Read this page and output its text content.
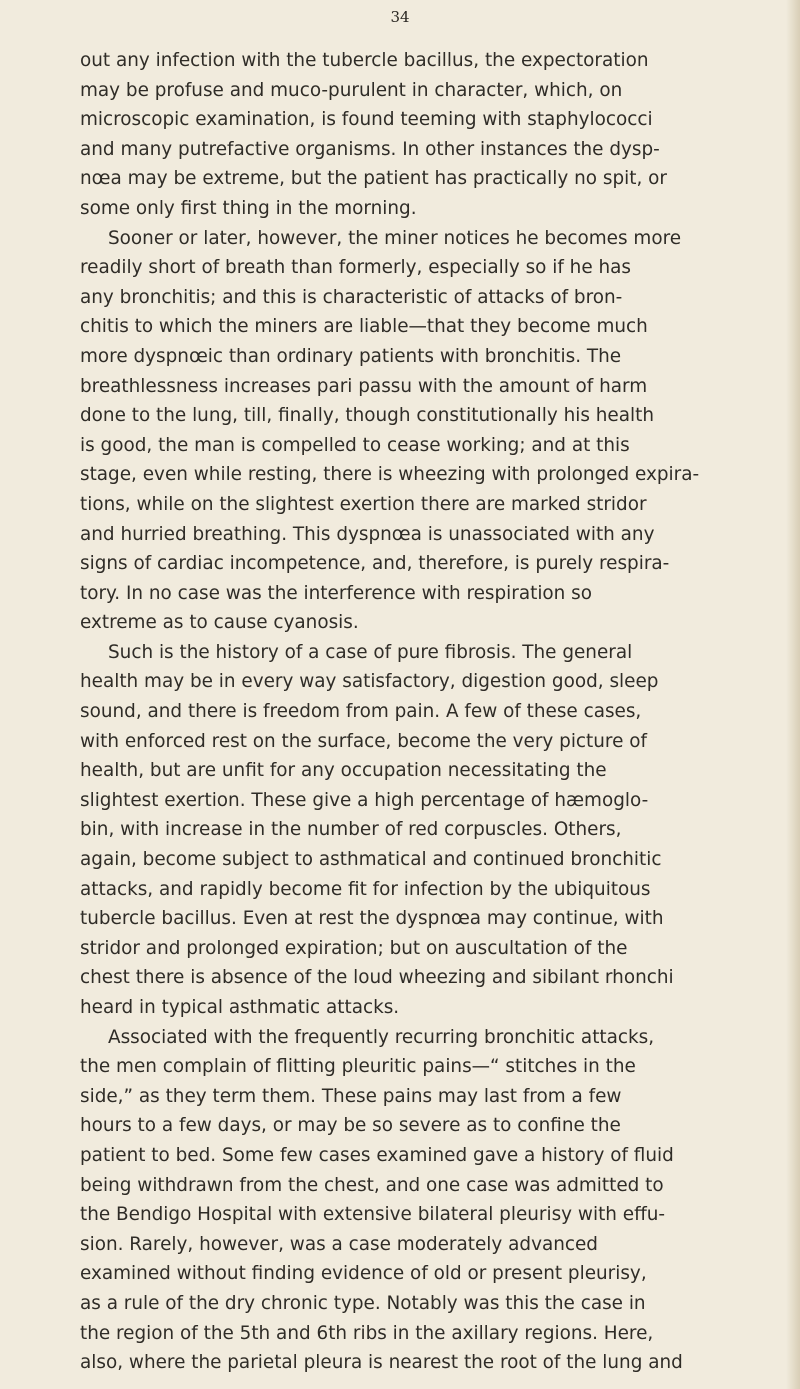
34

out any infection with the tubercle bacillus, the expectoration
may be profuse and muco-purulent in character, which, on
microscopic examination, is found teeming with staphylococci
and many putrefactive organisms. In other instances the dysp-
nœa may be extreme, but the patient has practically no spit, or
some only first thing in the morning.
Sooner or later, however, the miner notices he becomes more
readily short of breath than formerly, especially so if he has
any bronchitis; and this is characteristic of attacks of bron-
chitis to which the miners are liable—that they become much
more dyspnœic than ordinary patients with bronchitis. The
breathlessness increases pari passu with the amount of harm
done to the lung, till, finally, though constitutionally his health
is good, the man is compelled to cease working; and at this
stage, even while resting, there is wheezing with prolonged expira-
tions, while on the slightest exertion there are marked stridor
and hurried breathing. This dyspnœa is unassociated with any
signs of cardiac incompetence, and, therefore, is purely respira-
tory. In no case was the interference with respiration so
extreme as to cause cyanosis.
Such is the history of a case of pure fibrosis. The general
health may be in every way satisfactory, digestion good, sleep
sound, and there is freedom from pain. A few of these cases,
with enforced rest on the surface, become the very picture of
health, but are unfit for any occupation necessitating the
slightest exertion. These give a high percentage of hæmoglo-
bin, with increase in the number of red corpuscles. Others,
again, become subject to asthmatical and continued bronchitic
attacks, and rapidly become fit for infection by the ubiquitous
tubercle bacillus. Even at rest the dyspnœa may continue, with
stridor and prolonged expiration; but on auscultation of the
chest there is absence of the loud wheezing and sibilant rhonchi
heard in typical asthmatic attacks.
Associated with the frequently recurring bronchitic attacks,
the men complain of flitting pleuritic pains—“ stitches in the
side,” as they term them. These pains may last from a few
hours to a few days, or may be so severe as to confine the
patient to bed. Some few cases examined gave a history of fluid
being withdrawn from the chest, and one case was admitted to
the Bendigo Hospital with extensive bilateral pleurisy with effu-
sion. Rarely, however, was a case moderately advanced
examined without finding evidence of old or present pleurisy,
as a rule of the dry chronic type. Notably was this the case in
the region of the 5th and 6th ribs in the axillary regions. Here,
also, where the parietal pleura is nearest the root of the lung and
